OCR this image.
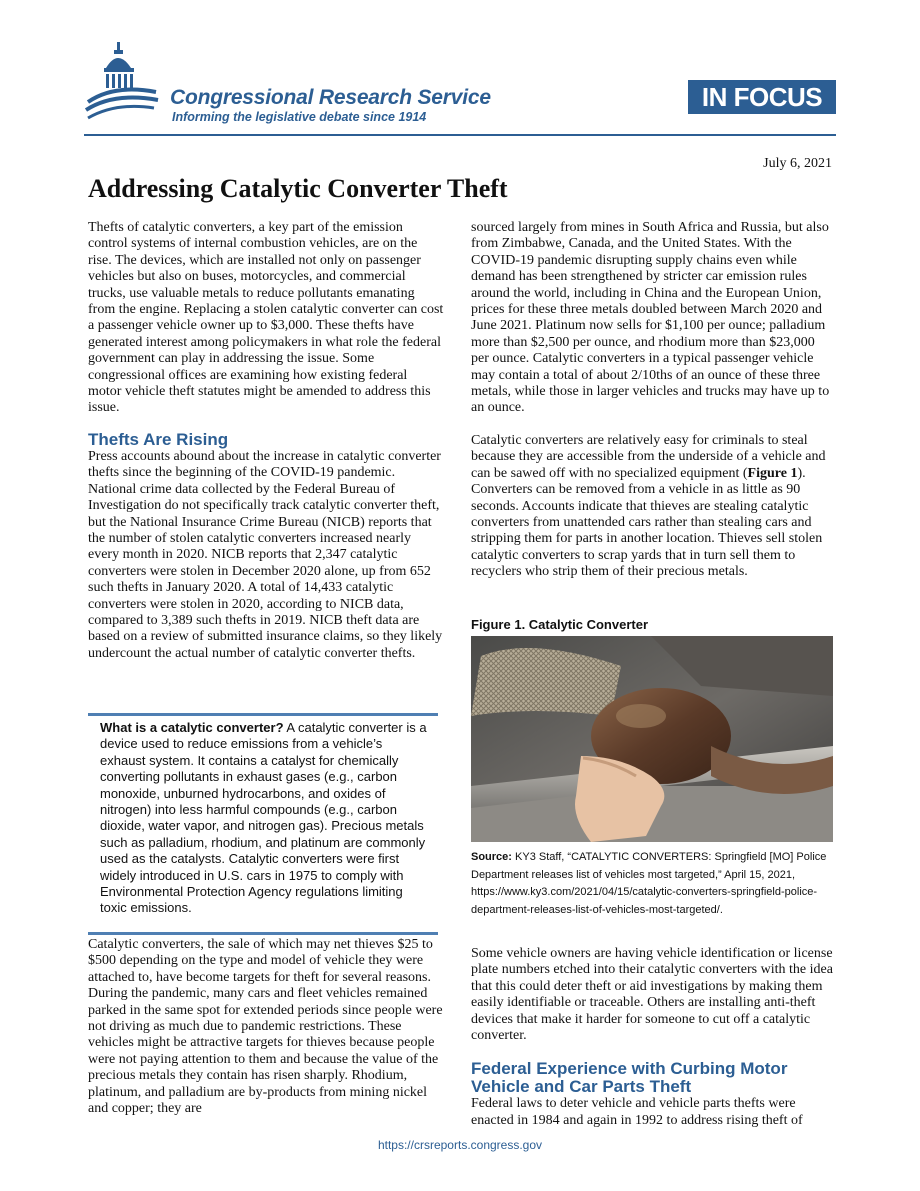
Congressional Research Service
Informing the legislative debate since 1914
IN FOCUS
July 6, 2021
Addressing Catalytic Converter Theft

Thefts of catalytic converters, a key part of the emission control systems of internal combustion vehicles, are on the rise. The devices, which are installed not only on passenger vehicles but also on buses, motorcycles, and commercial trucks, use valuable metals to reduce pollutants emanating from the engine. Replacing a stolen catalytic converter can cost a passenger vehicle owner up to $3,000. These thefts have generated interest among policymakers in what role the federal government can play in addressing the issue. Some congressional offices are examining how existing federal motor vehicle theft statutes might be amended to address this issue.

Thefts Are Rising

Press accounts abound about the increase in catalytic converter thefts since the beginning of the COVID-19 pandemic. National crime data collected by the Federal Bureau of Investigation do not specifically track catalytic converter theft, but the National Insurance Crime Bureau (NICB) reports that the number of stolen catalytic converters increased nearly every month in 2020. NICB reports that 2,347 catalytic converters were stolen in December 2020 alone, up from 652 such thefts in January 2020. A total of 14,433 catalytic converters were stolen in 2020, according to NICB data, compared to 3,389 such thefts in 2019. NICB theft data are based on a review of submitted insurance claims, so they likely undercount the actual number of catalytic converter thefts.

What is a catalytic converter? A catalytic converter is a device used to reduce emissions from a vehicle’s exhaust system. It contains a catalyst for chemically converting pollutants in exhaust gases (e.g., carbon monoxide, unburned hydrocarbons, and oxides of nitrogen) into less harmful compounds (e.g., carbon dioxide, water vapor, and nitrogen gas). Precious metals such as palladium, rhodium, and platinum are commonly used as the catalysts. Catalytic converters were first widely introduced in U.S. cars in 1975 to comply with Environmental Protection Agency regulations limiting toxic emissions.

Catalytic converters, the sale of which may net thieves $25 to $500 depending on the type and model of vehicle they were attached to, have become targets for theft for several reasons. During the pandemic, many cars and fleet vehicles remained parked in the same spot for extended periods since people were not driving as much due to pandemic restrictions. These vehicles might be attractive targets for thieves because people were not paying attention to them and because the value of the precious metals they contain has risen sharply. Rhodium, platinum, and palladium are by-products from mining nickel and copper; they are

sourced largely from mines in South Africa and Russia, but also from Zimbabwe, Canada, and the United States. With the COVID-19 pandemic disrupting supply chains even while demand has been strengthened by stricter car emission rules around the world, including in China and the European Union, prices for these three metals doubled between March 2020 and June 2021. Platinum now sells for $1,100 per ounce; palladium more than $2,500 per ounce, and rhodium more than $23,000 per ounce. Catalytic converters in a typical passenger vehicle may contain a total of about 2/10ths of an ounce of these three metals, while those in larger vehicles and trucks may have up to an ounce.

Catalytic converters are relatively easy for criminals to steal because they are accessible from the underside of a vehicle and can be sawed off with no specialized equipment (Figure 1). Converters can be removed from a vehicle in as little as 90 seconds. Accounts indicate that thieves are stealing catalytic converters from unattended cars rather than stealing cars and stripping them for parts in another location. Thieves sell stolen catalytic converters to scrap yards that in turn sell them to recyclers who strip them of their precious metals.

Figure 1. Catalytic Converter
Source: KY3 Staff, “CATALYTIC CONVERTERS: Springfield [MO] Police Department releases list of vehicles most targeted,” April 15, 2021, https://www.ky3.com/2021/04/15/catalytic-converters-springfield-police-department-releases-list-of-vehicles-most-targeted/.

Some vehicle owners are having vehicle identification or license plate numbers etched into their catalytic converters with the idea that this could deter theft or aid investigations by making them easily identifiable or traceable. Others are installing anti-theft devices that make it harder for someone to cut off a catalytic converter.

Federal Experience with Curbing Motor Vehicle and Car Parts Theft

Federal laws to deter vehicle and vehicle parts thefts were enacted in 1984 and again in 1992 to address rising theft of

https://crsreports.congress.gov
